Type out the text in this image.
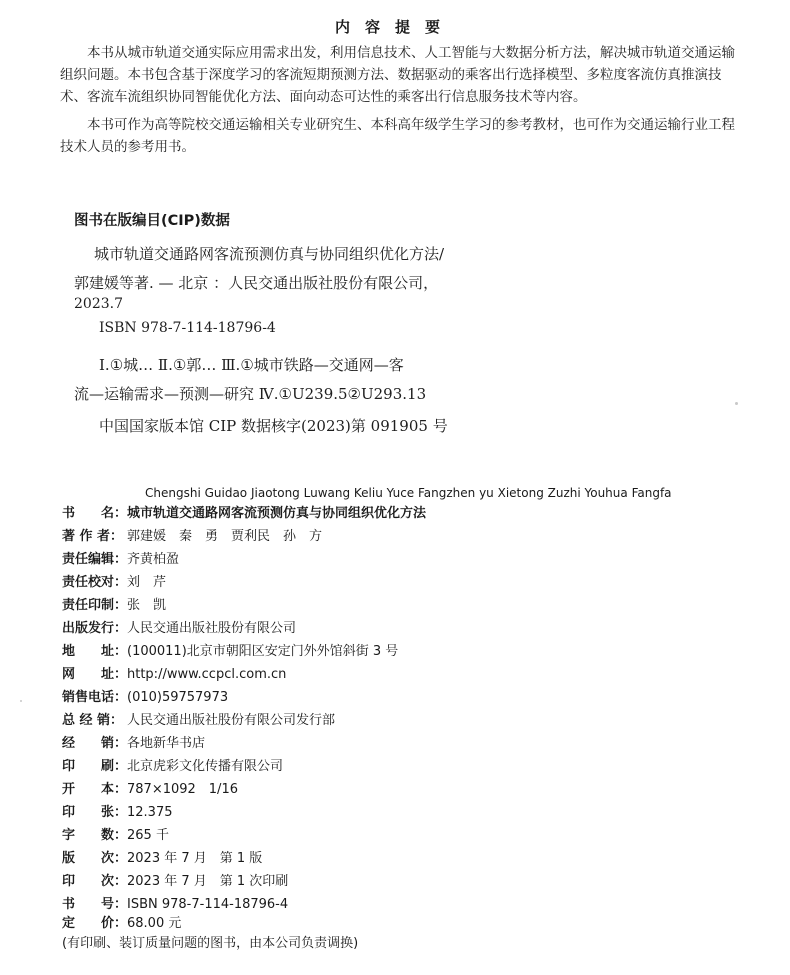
内容提要
本书从城市轨道交通实际应用需求出发，利用信息技术、人工智能与大数据分析方法，解决城市轨道交通运输组织问题。本书包含基于深度学习的客流短期预测方法、数据驱动的乘客出行选择模型、多粒度客流仿真推演技术、客流车流组织协同智能优化方法、面向动态可达性的乘客出行信息服务技术等内容。
本书可作为高等院校交通运输相关专业研究生、本科高年级学生学习的参考教材，也可作为交通运输行业工程技术人员的参考用书。
图书在版编目(CIP)数据
城市轨道交通路网客流预测仿真与协同组织优化方法/
郭建媛等著. — 北京 ：人民交通出版社股份有限公司，
2023.7
ISBN 978-7-114-18796-4
Ⅰ.①城… Ⅱ.①郭… Ⅲ.①城市铁路—交通网—客
流—运输需求—预测—研究 Ⅳ.①U239.5②U293.13
中国国家版本馆 CIP 数据核字(2023)第 091905 号
Chengshi Guidao Jiaotong Luwang Keliu Yuce Fangzhen yu Xietong Zuzhi Youhua Fangfa
书　　名：城市轨道交通路网客流预测仿真与协同组织优化方法
著 作 者： 郭建媛　秦　勇　贾利民　孙　方
责任编辑：齐黄柏盈
责任校对：刘　芹
责任印制：张　凯
出版发行：人民交通出版社股份有限公司
地　　址：(100011)北京市朝阳区安定门外外馆斜街 3 号
网　　址：http://www.ccpcl.com.cn
销售电话：(010)59757973
总 经 销： 人民交通出版社股份有限公司发行部
经　　销：各地新华书店
印　　刷：北京虎彩文化传播有限公司
开　　本：787×1092　1/16
印　　张：12.375
字　　数：265 千
版　　次：2023 年 7 月　第 1 版
印　　次：2023 年 7 月　第 1 次印刷
书　　号：ISBN 978-7-114-18796-4
定　　价：68.00 元
(有印刷、装订质量问题的图书，由本公司负责调换)
